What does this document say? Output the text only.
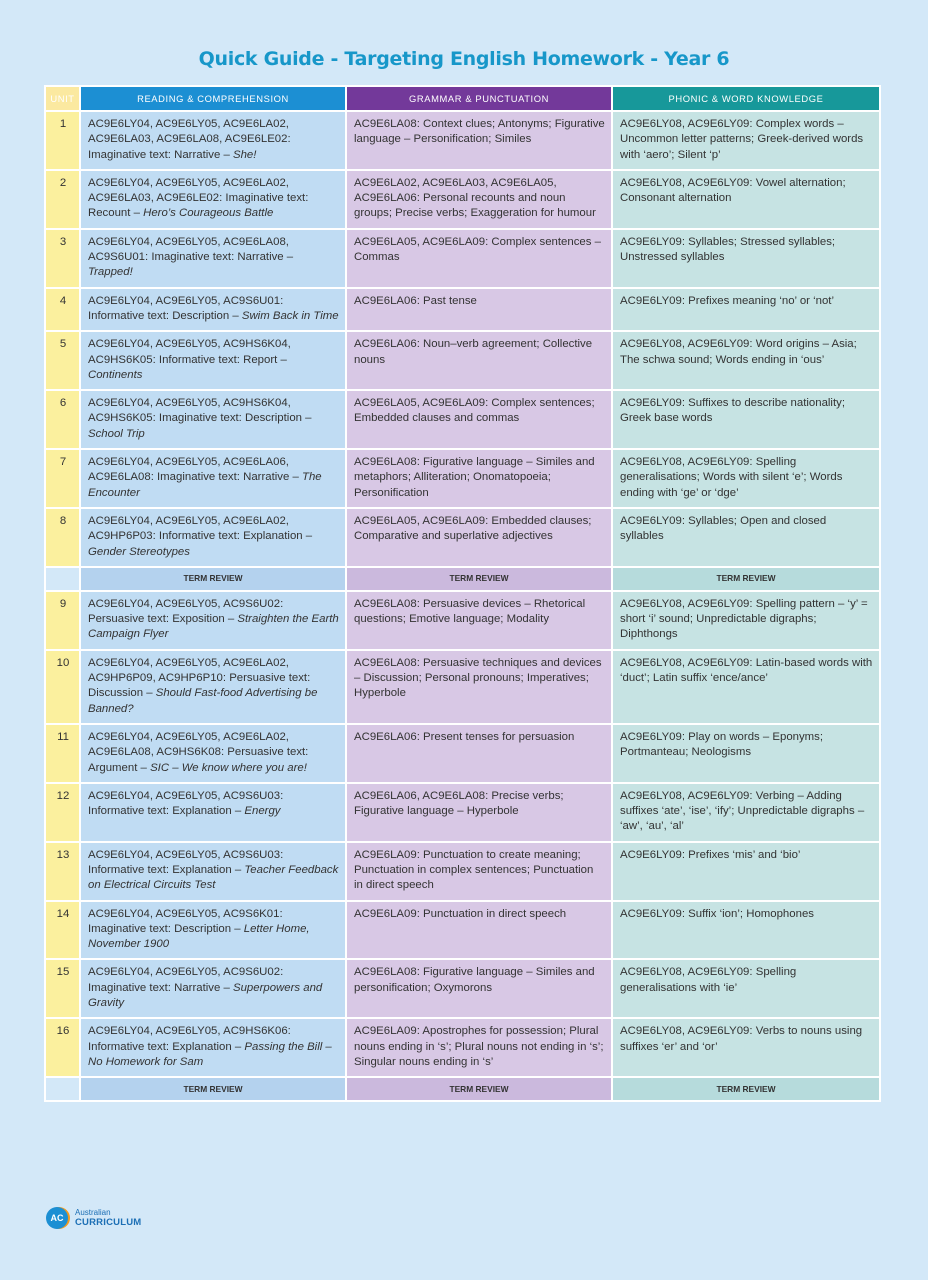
Quick Guide - Targeting English Homework - Year 6
UNIT	READING & COMPREHENSION	GRAMMAR & PUNCTUATION	PHONIC & WORD KNOWLEDGE
1	AC9E6LY04, AC9E6LY05, AC9E6LA02, AC9E6LA03, AC9E6LA08, AC9E6LE02: Imaginative text: Narrative – She!	AC9E6LA08: Context clues; Antonyms; Figurative language – Personification; Similes	AC9E6LY08, AC9E6LY09: Complex words – Uncommon letter patterns; Greek-derived words with ‘aero’; Silent ‘p’
2	AC9E6LY04, AC9E6LY05, AC9E6LA02, AC9E6LA03, AC9E6LE02: Imaginative text: Recount – Hero’s Courageous Battle	AC9E6LA02, AC9E6LA03, AC9E6LA05, AC9E6LA06: Personal recounts and noun groups; Precise verbs; Exaggeration for humour	AC9E6LY08, AC9E6LY09: Vowel alternation; Consonant alternation
3	AC9E6LY04, AC9E6LY05, AC9E6LA08, AC9S6U01: Imaginative text: Narrative – Trapped!	AC9E6LA05, AC9E6LA09: Complex sentences – Commas	AC9E6LY09: Syllables; Stressed syllables; Unstressed syllables
4	AC9E6LY04, AC9E6LY05, AC9S6U01: Informative text: Description – Swim Back in Time	AC9E6LA06: Past tense	AC9E6LY09: Prefixes meaning ‘no’ or ‘not’
5	AC9E6LY04, AC9E6LY05, AC9HS6K04, AC9HS6K05: Informative text: Report – Continents	AC9E6LA06: Noun–verb agreement; Collective nouns	AC9E6LY08, AC9E6LY09: Word origins – Asia; The schwa sound; Words ending in ‘ous’
6	AC9E6LY04, AC9E6LY05, AC9HS6K04, AC9HS6K05: Imaginative text: Description – School Trip	AC9E6LA05, AC9E6LA09: Complex sentences; Embedded clauses and commas	AC9E6LY09: Suffixes to describe nationality; Greek base words
7	AC9E6LY04, AC9E6LY05, AC9E6LA06, AC9E6LA08: Imaginative text: Narrative – The Encounter	AC9E6LA08: Figurative language – Similes and metaphors; Alliteration; Onomatopoeia; Personification	AC9E6LY08, AC9E6LY09: Spelling generalisations; Words with silent ‘e’; Words ending with ‘ge’ or ‘dge’
8	AC9E6LY04, AC9E6LY05, AC9E6LA02, AC9HP6P03: Informative text: Explanation – Gender Stereotypes	AC9E6LA05, AC9E6LA09: Embedded clauses; Comparative and superlative adjectives	AC9E6LY09: Syllables; Open and closed syllables
	TERM REVIEW	TERM REVIEW	TERM REVIEW
9	AC9E6LY04, AC9E6LY05, AC9S6U02: Persuasive text: Exposition – Straighten the Earth Campaign Flyer	AC9E6LA08: Persuasive devices – Rhetorical questions; Emotive language; Modality	AC9E6LY08, AC9E6LY09: Spelling pattern – ‘y’ = short ‘i’ sound; Unpredictable digraphs; Diphthongs
10	AC9E6LY04, AC9E6LY05, AC9E6LA02, AC9HP6P09, AC9HP6P10: Persuasive text: Discussion – Should Fast-food Advertising be Banned?	AC9E6LA08: Persuasive techniques and devices – Discussion; Personal pronouns; Imperatives; Hyperbole	AC9E6LY08, AC9E6LY09: Latin-based words with ‘duct’; Latin suffix ‘ence/ance’
11	AC9E6LY04, AC9E6LY05, AC9E6LA02, AC9E6LA08, AC9HS6K08: Persuasive text: Argument – SIC – We know where you are!	AC9E6LA06: Present tenses for persuasion	AC9E6LY09: Play on words – Eponyms; Portmanteau; Neologisms
12	AC9E6LY04, AC9E6LY05, AC9S6U03: Informative text: Explanation – Energy	AC9E6LA06, AC9E6LA08: Precise verbs; Figurative language – Hyperbole	AC9E6LY08, AC9E6LY09: Verbing – Adding suffixes ‘ate’, ‘ise’, ‘ify’; Unpredictable digraphs – ‘aw’, ‘au’, ‘al’
13	AC9E6LY04, AC9E6LY05, AC9S6U03: Informative text: Explanation – Teacher Feedback on Electrical Circuits Test	AC9E6LA09: Punctuation to create meaning; Punctuation in complex sentences; Punctuation in direct speech	AC9E6LY09: Prefixes ‘mis’ and ‘bio’
14	AC9E6LY04, AC9E6LY05, AC9S6K01: Imaginative text: Description – Letter Home, November 1900	AC9E6LA09: Punctuation in direct speech	AC9E6LY09: Suffix ‘ion’; Homophones
15	AC9E6LY04, AC9E6LY05, AC9S6U02: Imaginative text: Narrative – Superpowers and Gravity	AC9E6LA08: Figurative language – Similes and personification; Oxymorons	AC9E6LY08, AC9E6LY09: Spelling generalisations with ‘ie’
16	AC9E6LY04, AC9E6LY05, AC9HS6K06: Informative text: Explanation – Passing the Bill – No Homework for Sam	AC9E6LA09: Apostrophes for possession; Plural nouns ending in ‘s’; Plural nouns not ending in ‘s’; Singular nouns ending in ‘s’	AC9E6LY08, AC9E6LY09: Verbs to nouns using suffixes ‘er’ and ‘or’
	TERM REVIEW	TERM REVIEW	TERM REVIEW
AC
Australian
CURRICULUM
